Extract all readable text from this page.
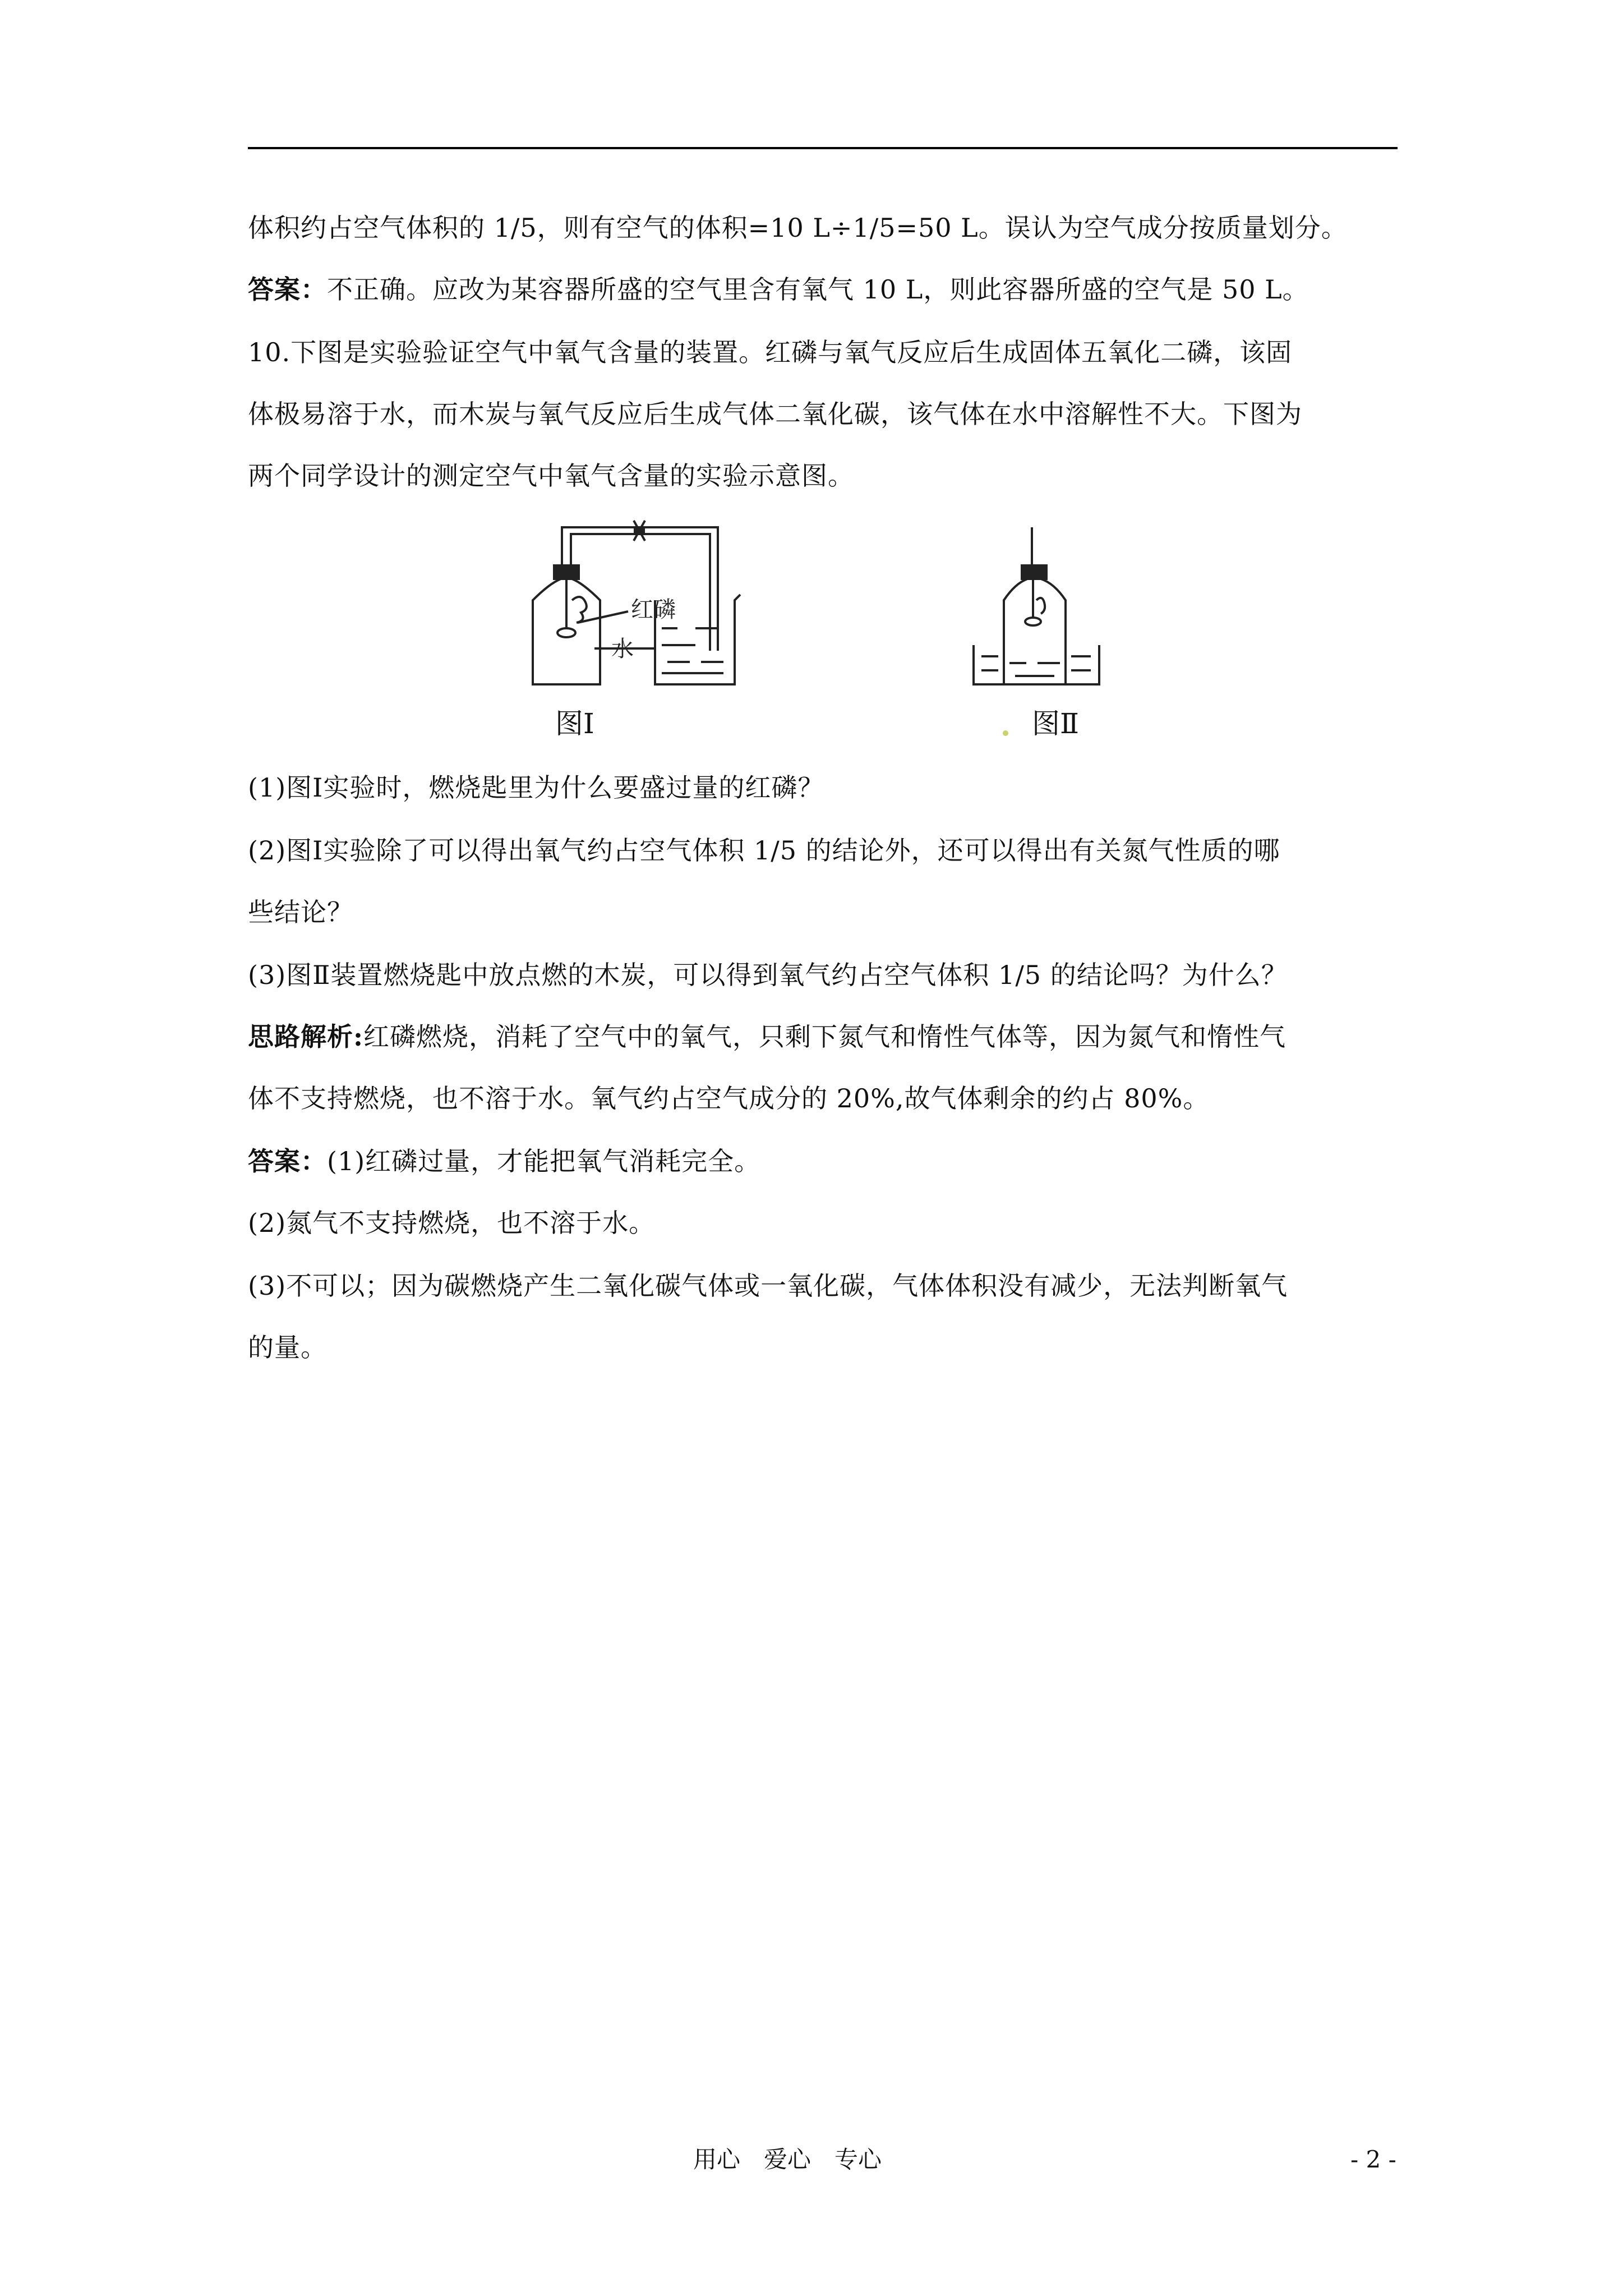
体积约占空气体积的 1/5，则有空气的体积=10 L÷1/5=50 L。误认为空气成分按质量划分。
答案：不正确。应改为某容器所盛的空气里含有氧气 10 L，则此容器所盛的空气是 50 L。
10.下图是实验验证空气中氧气含量的装置。红磷与氧气反应后生成固体五氧化二磷，该固
体极易溶于水，而木炭与氧气反应后生成气体二氧化碳，该气体在水中溶解性不大。下图为
两个同学设计的测定空气中氧气含量的实验示意图。
红磷
水
图Ⅰ	图Ⅱ
(1)图Ⅰ实验时，燃烧匙里为什么要盛过量的红磷？
(2)图Ⅰ实验除了可以得出氧气约占空气体积 1/5 的结论外，还可以得出有关氮气性质的哪
些结论？
(3)图Ⅱ装置燃烧匙中放点燃的木炭，可以得到氧气约占空气体积 1/5 的结论吗？为什么？
思路解析:红磷燃烧，消耗了空气中的氧气，只剩下氮气和惰性气体等，因为氮气和惰性气
体不支持燃烧，也不溶于水。氧气约占空气成分的 20%,故气体剩余的约占 80%。
答案：(1)红磷过量，才能把氧气消耗完全。
(2)氮气不支持燃烧，也不溶于水。
(3)不可以；因为碳燃烧产生二氧化碳气体或一氧化碳，气体体积没有减少，无法判断氧气
的量。
用心　爱心　专心	- 2 -
